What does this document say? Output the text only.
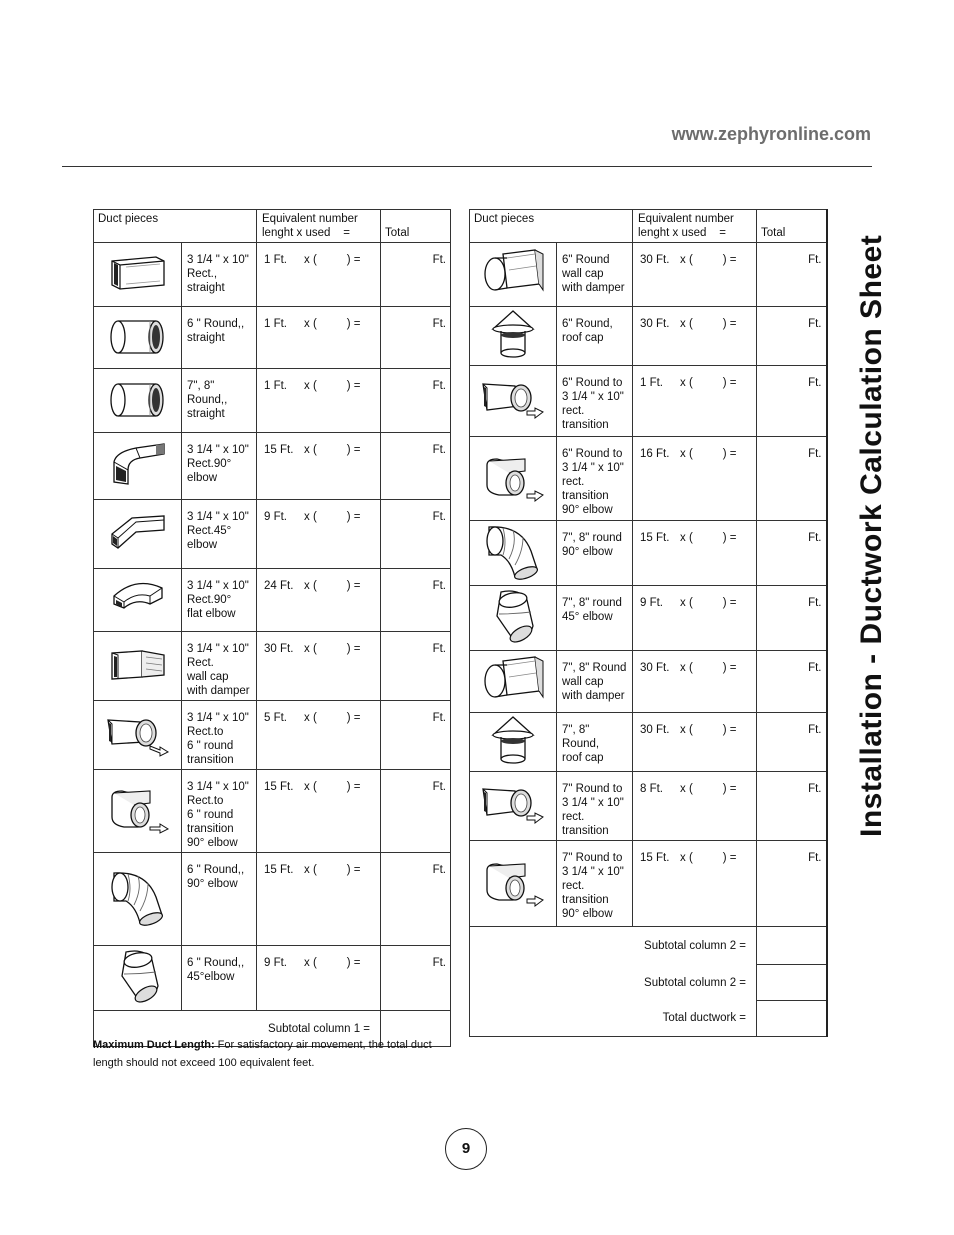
www.zephyronline.com
Installation - Ductwork Calculation Sheet
Duct pieces		Equivalent number
lenght x used    =	Total

3 1/4 " x 10"
Rect.,
straight	1 Ft. x ( ) =	Ft.

6 " Round,,
straight	1 Ft. x ( ) =	Ft.

7", 8"
Round,,
straight	1 Ft. x ( ) =	Ft.

3 1/4 " x 10"
Rect.90°
elbow	15 Ft. x ( ) =	Ft.

3 1/4 " x 10"
Rect.45°
elbow	9 Ft. x ( ) =	Ft.

3 1/4 " x 10"
Rect.90°
flat elbow	24 Ft. x ( ) =	Ft.

3 1/4 " x 10"
Rect.
wall cap
with damper	30 Ft. x ( ) =	Ft.

3 1/4 " x 10"
Rect.to
6 " round
transition	5 Ft. x ( ) =	Ft.

3 1/4 " x 10"
Rect.to
6 " round
transition
90° elbow	15 Ft. x ( ) =	Ft.

6 " Round,,
90° elbow	15 Ft. x ( ) =	Ft.

6 " Round,,
45°elbow	9 Ft. x ( ) =	Ft.
Subtotal column 1 =			
Duct pieces		Equivalent number
lenght x used    =	Total

6" Round
wall cap
with damper	30 Ft. x ( ) =	Ft.

6" Round,
roof cap	30 Ft. x ( ) =	Ft.

6" Round to
3 1/4 " x 10"
rect.
transition	1 Ft. x ( ) =	Ft.

6" Round to
3 1/4 " x 10"
rect.
transition
90° elbow	16 Ft. x ( ) =	Ft.

7", 8" round
90° elbow	15 Ft. x ( ) =	Ft.

7", 8" round
45° elbow	9 Ft. x ( ) =	Ft.

7", 8" Round
wall cap
with damper	30 Ft. x ( ) =	Ft.

7", 8"
Round,
roof cap	30 Ft. x ( ) =	Ft.

7" Round to
3 1/4 " x 10"
rect.
transition	8 Ft. x ( ) =	Ft.

7" Round to
3 1/4 " x 10"
rect.
transition
90° elbow	15 Ft. x ( ) =	Ft.
Subtotal column 2 =			
Subtotal column 2 =			
Total ductwork =			
Maximum Duct Length: For satisfactory air movement, the total duct length should not exceed 100 equivalent feet.
9
